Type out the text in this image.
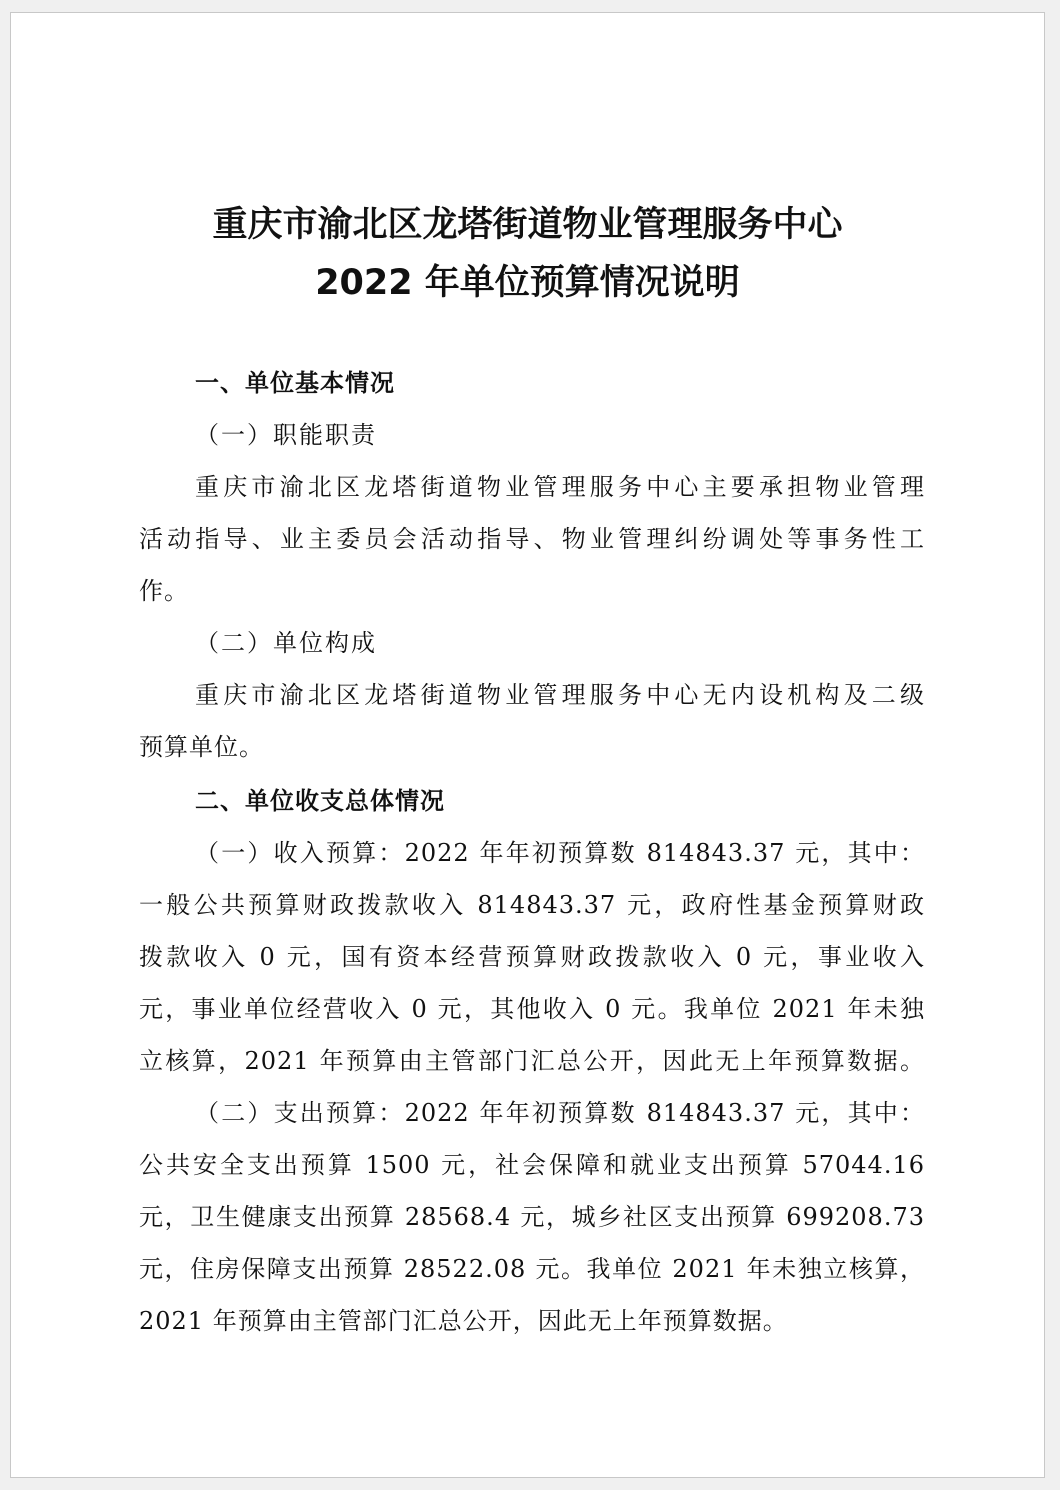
重庆市渝北区龙塔街道物业管理服务中心
2022 年单位预算情况说明
一、单位基本情况
（一）职能职责
重庆市渝北区龙塔街道物业管理服务中心主要承担物业管理
活动指导、业主委员会活动指导、物业管理纠纷调处等事务性工
作。
（二）单位构成
重庆市渝北区龙塔街道物业管理服务中心无内设机构及二级
预算单位。
二、单位收支总体情况
（一）收入预算：2022 年年初预算数 814843.37 元，其中：
一般公共预算财政拨款收入 814843.37 元，政府性基金预算财政
拨款收入 0 元，国有资本经营预算财政拨款收入 0 元，事业收入
元，事业单位经营收入 0 元，其他收入 0 元。我单位 2021 年未独
立核算，2021 年预算由主管部门汇总公开，因此无上年预算数据。
（二）支出预算：2022 年年初预算数 814843.37 元，其中：
公共安全支出预算 1500 元，社会保障和就业支出预算 57044.16
元，卫生健康支出预算 28568.4 元，城乡社区支出预算 699208.73
元，住房保障支出预算 28522.08 元。我单位 2021 年未独立核算，
2021 年预算由主管部门汇总公开，因此无上年预算数据。
